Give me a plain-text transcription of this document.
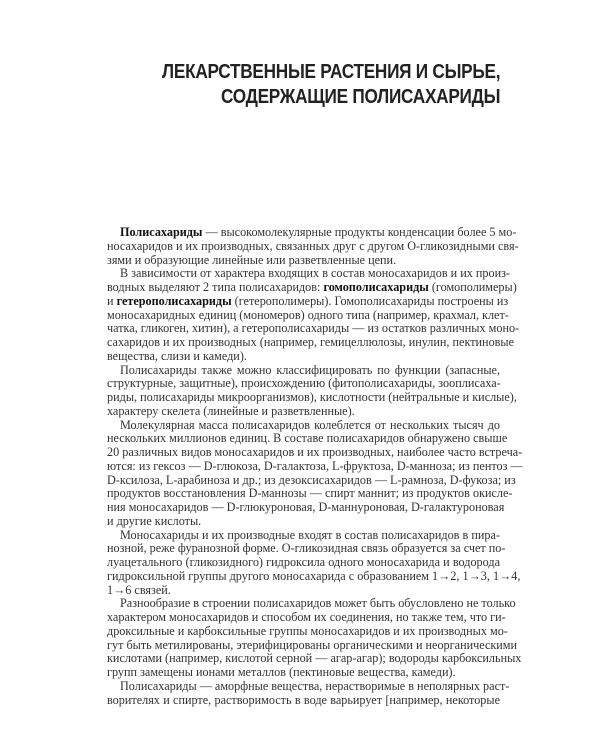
ЛЕКАРСТВЕННЫЕ РАСТЕНИЯ И СЫРЬЕ,
СОДЕРЖАЩИЕ ПОЛИСАХАРИДЫ
Полисахариды — высокомолекулярные продукты конденсации более 5 мо-
носахаридов и их производных, связанных друг с другом О-гликозидными свя-
зями и образующие линейные или разветвленные цепи.
В зависимости от характера входящих в состав моносахаридов и их произ-
водных выделяют 2 типа полисахаридов: гомополисахариды (гомополимеры)
и гетерополисахариды (гетерополимеры). Гомополисахариды построены из
моносахаридных единиц (мономеров) одного типа (например, крахмал, клет-
чатка, гликоген, хитин), а гетерополисахариды — из остатков различных моно-
сахаридов и их производных (например, гемицеллюлозы, инулин, пектиновые
вещества, слизи и камеди).
Полисахариды также можно классифицировать по функции (запасные,
структурные, защитные), происхождению (фитополисахариды, зооплисаха-
риды, полисахариды микроорганизмов), кислотности (нейтральные и кислые),
характеру скелета (линейные и разветвленные).
Молекулярная масса полисахаридов колеблется от нескольких тысяч до
нескольких миллионов единиц. В составе полисахаридов обнаружено свыше
20 различных видов моносахаридов и их производных, наиболее часто встреча-
ются: из гексоз — D-глюкоза, D-галактоза, L-фруктоза, D-манноза; из пентоз —
D-ксилоза, L-арабиноза и др.; из дезоксисахаридов — L-рамноза, D-фукоза; из
продуктов восстановления D-маннозы — спирт маннит; из продуктов окисле-
ния моносахаридов — D-глюкуроновая, D-маннуроновая, D-галактуроновая
и другие кислоты.
Моносахариды и их производные входят в состав полисахаридов в пира-
нозной, реже фуранозной форме. О-гликозидная связь образуется за счет по-
луацетального (гликозидного) гидроксила одного моносахарида и водорода
гидроксильной группы другого моносахарида с образованием 1→2, 1→3, 1→4,
1→6 связей.
Разнообразие в строении полисахаридов может быть обусловлено не только
характером моносахаридов и способом их соединения, но также тем, что ги-
дроксильные и карбоксильные группы моносахаридов и их производных мо-
гут быть метилированы, этерифицированы органическими и неорганическими
кислотами (например, кислотой серной — агар-агар); водороды карбоксильных
групп замещены ионами металлов (пектиновые вещества, камеди).
Полисахариды — аморфные вещества, нерастворимые в неполярных раст-
ворителях и спирте, растворимость в воде варьирует [например, некоторые
